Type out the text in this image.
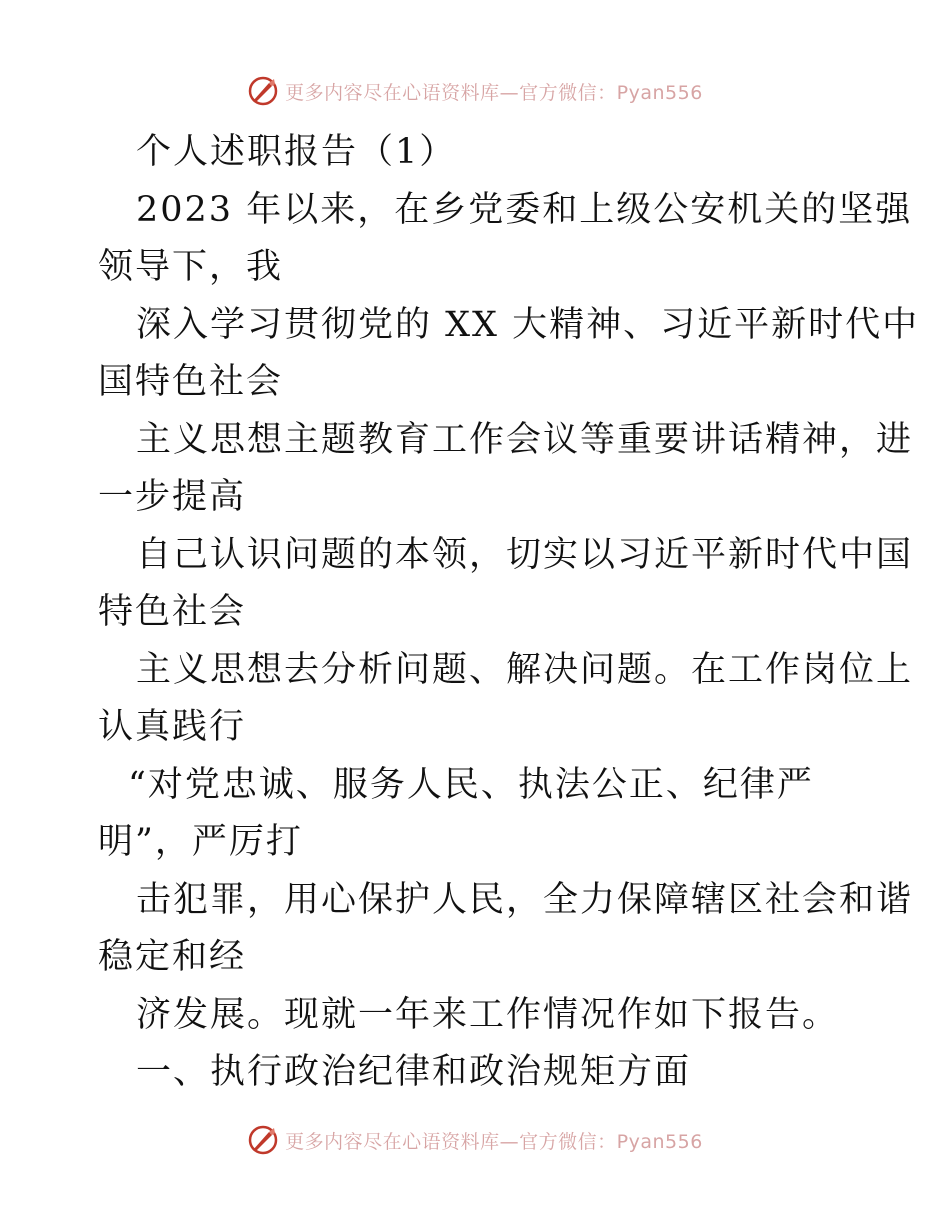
更多内容尽在心语资料库—官方微信：Pyan556
个人述职报告（1）
2023 年以来，在乡党委和上级公安机关的坚强
领导下，我
深入学习贯彻党的 XX 大精神、习近平新时代中
国特色社会
主义思想主题教育工作会议等重要讲话精神，进
一步提高
自己认识问题的本领，切实以习近平新时代中国
特色社会
主义思想去分析问题、解决问题。在工作岗位上
认真践行
“对党忠诚、服务人民、执法公正、纪律严
明”，严厉打
击犯罪，用心保护人民，全力保障辖区社会和谐
稳定和经
济发展。现就一年来工作情况作如下报告。
一、执行政治纪律和政治规矩方面
更多内容尽在心语资料库—官方微信：Pyan556
